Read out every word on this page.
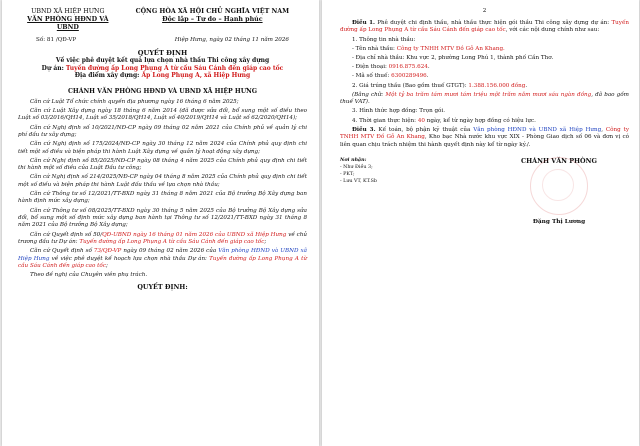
UBND XÃ HIỆP HƯNG
VĂN PHÒNG HĐND VÀ UBND
CỘNG HÒA XÃ HỘI CHỦ NGHĨA VIỆT NAM
Độc lập – Tự do – Hạnh phúc
Số: 81 /QĐ-VP	Hiệp Hưng, ngày 02 tháng 11 năm 2026
QUYẾT ĐỊNH
Về việc phê duyệt kết quả lựa chọn nhà thầu Thi công xây dựng
Dự án: Tuyến đường ấp Long Phụng A từ cầu Sáu Cánh đến giáp cao tốc
Địa điểm xây dựng: Ấp Long Phụng A, xã Hiệp Hưng
CHÁNH VĂN PHÒNG HĐND VÀ UBND XÃ HIỆP HƯNG

Căn cứ Luật Tổ chức chính quyền địa phương ngày 16 tháng 6 năm 2025;

Căn cứ Luật Xây dựng ngày 18 tháng 6 năm 2014 (đã được sửa đổi, bổ sung một số điều theo Luật số 03/2016/QH14, Luật số 35/2018/QH14, Luật số 40/2019/QH14 và Luật số 62/2020/QH14);

Căn cứ Nghị định số 10/2021/NĐ-CP ngày 09 tháng 02 năm 2021 của Chính phủ về quản lý chi phí đầu tư xây dựng;

Căn cứ Nghị định số 175/2024/NĐ-CP ngày 30 tháng 12 năm 2024 của Chính phủ quy định chi tiết một số điều và biện pháp thi hành Luật Xây dựng về quản lý hoạt động xây dựng;

Căn cứ Nghị định số 85/2025/NĐ-CP ngày 08 tháng 4 năm 2025 của Chính phủ quy định chi tiết thi hành một số điều của Luật Đầu tư công;

Căn cứ Nghị định số 214/2025/NĐ-CP ngày 04 tháng 8 năm 2025 của Chính phủ quy định chi tiết một số điều và biện pháp thi hành Luật đấu thầu về lựa chọn nhà thầu;

Căn cứ Thông tư số 12/2021/TT-BXD ngày 31 tháng 8 năm 2021 của Bộ trưởng Bộ Xây dựng ban hành định mức xây dựng;

Căn cứ Thông tư số 08/2025/TT-BXD ngày 30 tháng 5 năm 2025 của Bộ trưởng Bộ Xây dựng sửa đổi, bổ sung một số định mức xây dựng ban hành tại Thông tư số 12/2021/TT-BXD ngày 31 tháng 8 năm 2021 của Bộ trưởng Bộ Xây dựng;

Căn cứ Quyết định số 50/QĐ-UBND ngày 16 tháng 01 năm 2026 của UBND xã Hiệp Hưng về chủ trương đầu tư Dự án: Tuyến đường ấp Long Phụng A từ cầu Sáu Cánh đến giáp cao tốc;

Căn cứ Quyết định số 73/QĐ-VP ngày 09 tháng 02 năm 2026 của Văn phòng HĐND và UBND xã Hiệp Hưng về việc phê duyệt kế hoạch lựa chọn nhà thầu Dự án: Tuyến đường ấp Long Phụng A từ cầu Sáu Cánh đến giáp cao tốc;

Theo đề nghị của Chuyên viên phụ trách.

QUYẾT ĐỊNH:
2

Điều 1. Phê duyệt chi định thầu, nhà thầu thực hiện gói thầu Thi công xây dựng dự án: Tuyến đường ấp Long Phụng A từ cầu Sáu Cánh đến giáp cao tốc, với các nội dung chính như sau:

1. Thông tin nhà thầu:

- Tên nhà thầu: Công ty TNHH MTV Đồ Gỗ An Khang.

- Địa chỉ nhà thầu: Khu vực 2, phường Long Phú 1, thành phố Cần Thơ.

- Điện thoại: 0916.875.624.

- Mã số thuế: 6300289496.

2. Giá trúng thầu (Bao gồm thuế GTGT): 1.388.156.000 đồng.

(Bằng chữ: Một tỷ ba trăm tám mươi tám triệu một trăm năm mươi sáu ngàn đồng, đã bao gồm thuế VAT).

3. Hình thức hợp đồng: Trọn gói.

4. Thời gian thực hiện: 40 ngày, kể từ ngày hợp đồng có hiệu lực.

Điều 3. Kế toán, bộ phận kỹ thuật của Văn phòng HĐND và UBND xã Hiệp Hưng, Công ty TNHH MTV Đồ Gỗ An Khang, Kho bạc Nhà nước khu vực XIX - Phòng Giao dịch số 06 và đơn vị có liên quan chịu trách nhiệm thi hành quyết định này kể từ ngày ký./.

Nơi nhận:
- Như Điều 3;
- PKT;
- Lưu VT, KT.Sb
CHÁNH VĂN PHÒNG
Đặng Thị Lương
